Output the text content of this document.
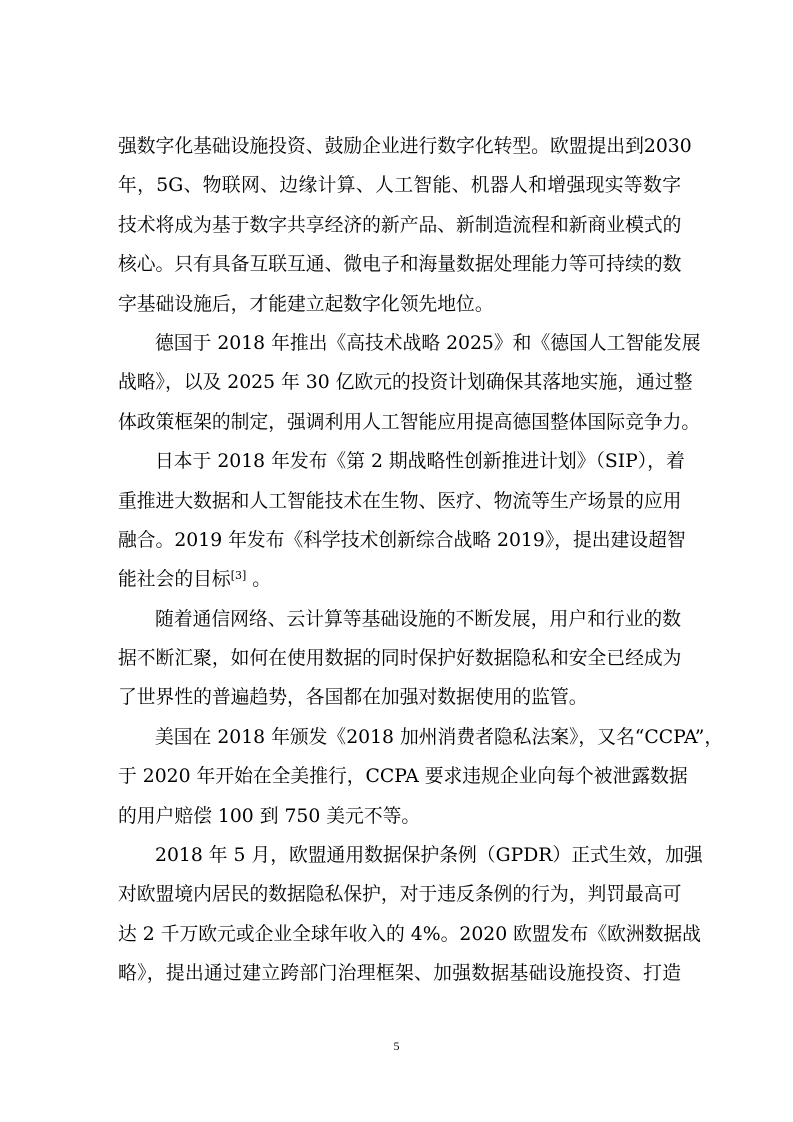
强数字化基础设施投资、鼓励企业进行数字化转型。欧盟提出到2030
年，5G、物联网、边缘计算、人工智能、机器人和增强现实等数字
技术将成为基于数字共享经济的新产品、新制造流程和新商业模式的
核心。只有具备互联互通、微电子和海量数据处理能力等可持续的数
字基础设施后，才能建立起数字化领先地位。
德国于 2018 年推出《高技术战略 2025》和《德国人工智能发展
战略》，以及 2025 年 30 亿欧元的投资计划确保其落地实施，通过整
体政策框架的制定，强调利用人工智能应用提高德国整体国际竞争力。
日本于 2018 年发布《第 2 期战略性创新推进计划》（SIP），着
重推进大数据和人工智能技术在生物、医疗、物流等生产场景的应用
融合。2019 年发布《科学技术创新综合战略 2019》，提出建设超智
能社会的目标[3] 。
随着通信网络、云计算等基础设施的不断发展，用户和行业的数
据不断汇聚，如何在使用数据的同时保护好数据隐私和安全已经成为
了世界性的普遍趋势，各国都在加强对数据使用的监管。
美国在 2018 年颁发《2018 加州消费者隐私法案》，又名“CCPA”，
于 2020 年开始在全美推行，CCPA 要求违规企业向每个被泄露数据
的用户赔偿 100 到 750 美元不等。
2018 年 5 月，欧盟通用数据保护条例（GPDR）正式生效，加强
对欧盟境内居民的数据隐私保护，对于违反条例的行为，判罚最高可
达 2 千万欧元或企业全球年收入的 4%。2020 欧盟发布《欧洲数据战
略》，提出通过建立跨部门治理框架、加强数据基础设施投资、打造
5
